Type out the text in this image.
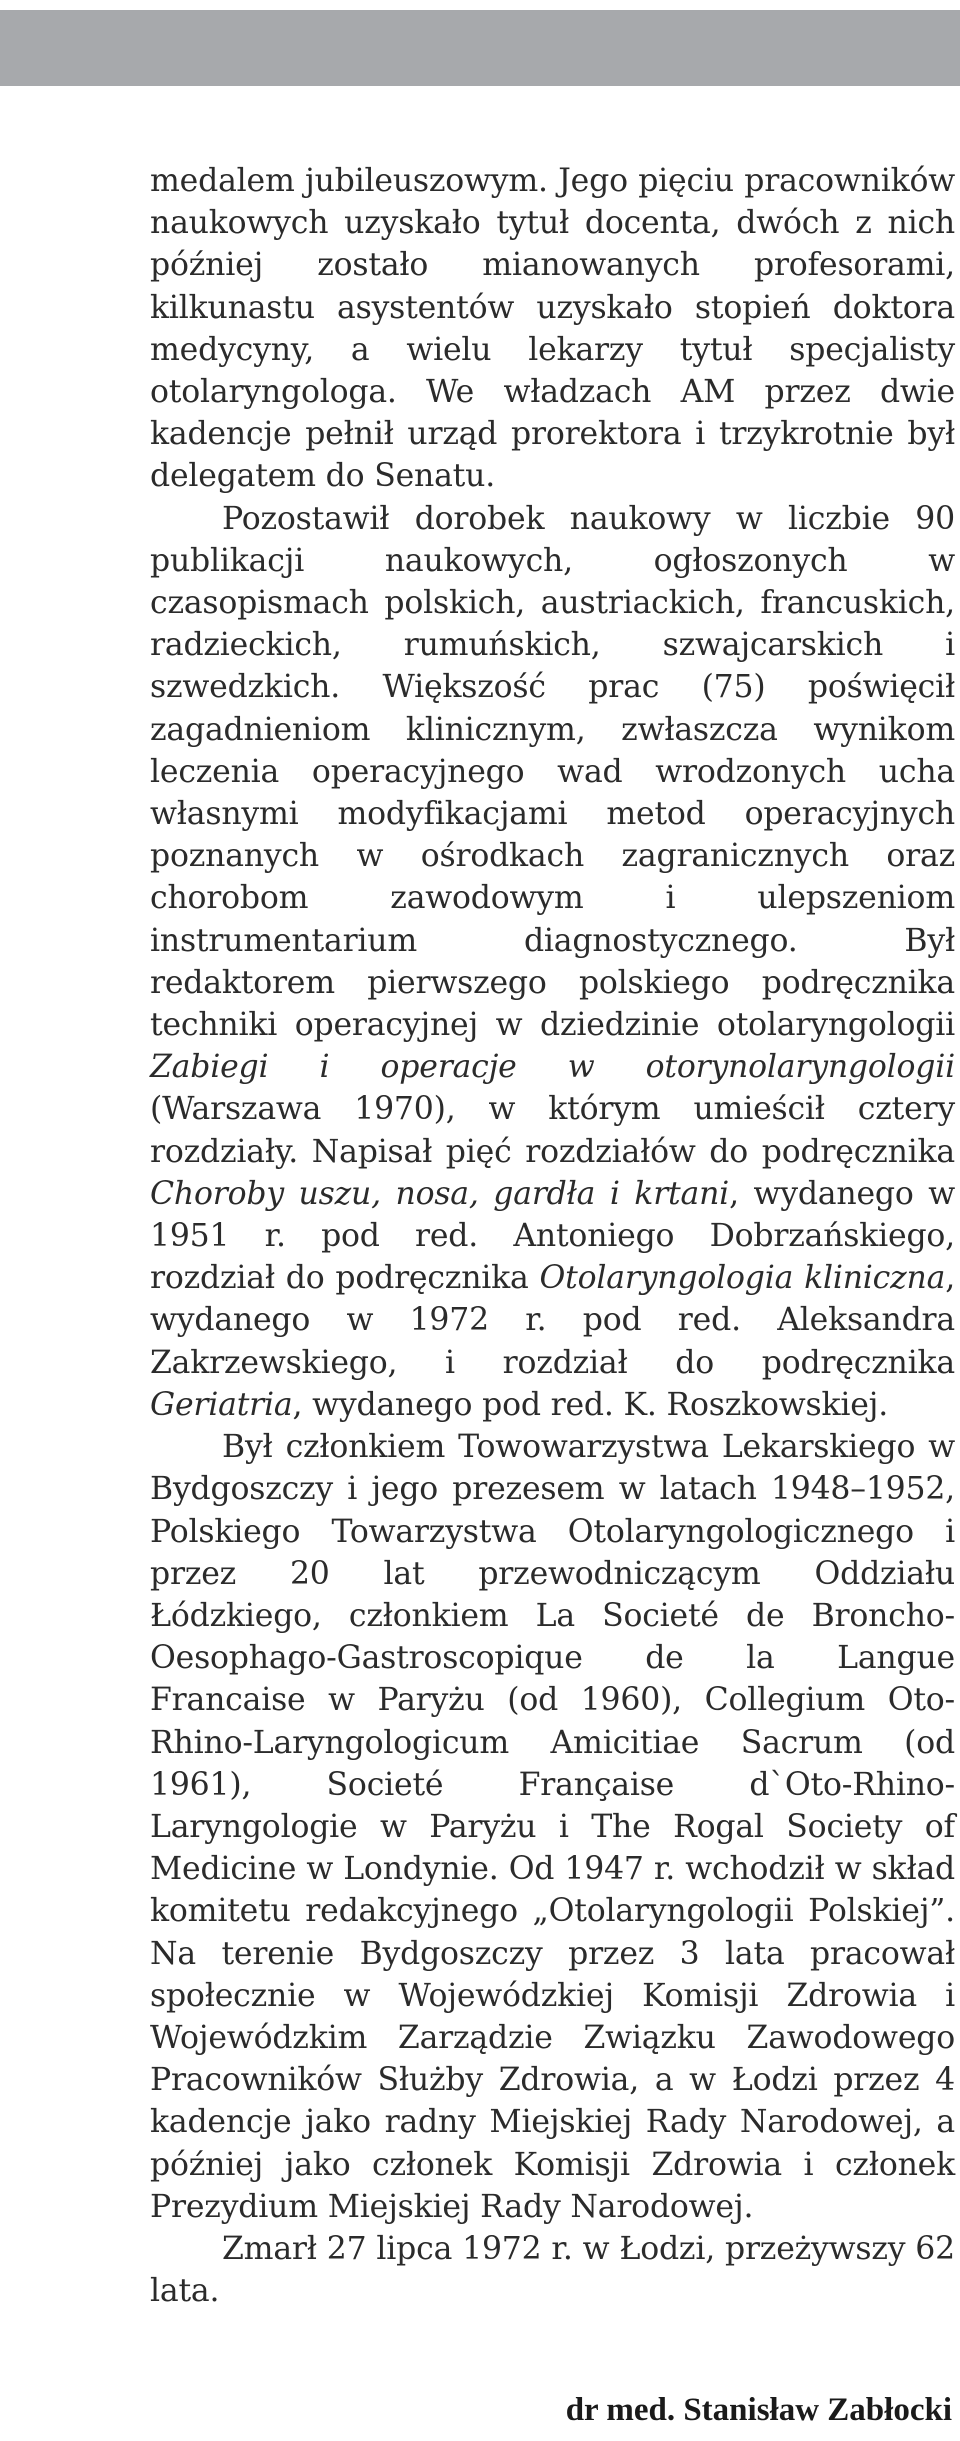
medalem jubileuszowym. Jego pięciu pracowników naukowych uzyskało tytuł docenta, dwóch z nich później zostało mianowanych profesorami, kilkunastu asystentów uzyskało stopień doktora medycyny, a wielu lekarzy tytuł specjalisty otolaryngologa. We władzach AM przez dwie kadencje pełnił urząd prorektora i trzykrotnie był delegatem do Senatu.

Pozostawił dorobek naukowy w liczbie 90 publikacji naukowych, ogłoszonych w czasopismach polskich, austriackich, francuskich, radzieckich, rumuńskich, szwajcarskich i szwedzkich. Większość prac (75) poświęcił zagadnieniom klinicznym, zwłaszcza wynikom leczenia operacyjnego wad wrodzonych ucha własnymi modyfikacjami metod operacyjnych poznanych w ośrodkach zagranicznych oraz chorobom zawodowym i ulepszeniom instrumentarium diagnostycznego. Był redaktorem pierwszego polskiego podręcznika techniki operacyjnej w dziedzinie otolaryngologii Zabiegi i operacje w otorynolaryngologii (Warszawa 1970), w którym umieścił cztery rozdziały. Napisał pięć rozdziałów do podręcznika Choroby uszu, nosa, gardła i krtani, wydanego w 1951 r. pod red. Antoniego Dobrzańskiego, rozdział do podręcznika Otolaryngologia kliniczna, wydanego w 1972 r. pod red. Aleksandra Zakrzewskiego, i rozdział do podręcznika Geriatria, wydanego pod red. K. Roszkowskiej.

Był członkiem Towowarzystwa Lekarskiego w Bydgoszczy i jego prezesem w latach 1948–1952, Polskiego Towarzystwa Otolaryngologicznego i przez 20 lat przewodniczącym Oddziału Łódzkiego, członkiem La Societé de Broncho-Oesophago-Gastroscopique de la Langue Francaise w Paryżu (od 1960), Collegium Oto-Rhino-Laryngologicum Amicitiae Sacrum (od 1961), Societé Française d`Oto-Rhino-Laryngologie w Paryżu i The Rogal Society of Medicine w Londynie. Od 1947 r. wchodził w skład komitetu redakcyjnego „Otolaryngologii Polskiej”. Na terenie Bydgoszczy przez 3 lata pracował społecznie w Wojewódzkiej Komisji Zdrowia i Wojewódzkim Zarządzie Związku Zawodowego Pracowników Służby Zdrowia, a w Łodzi przez 4 kadencje jako radny Miejskiej Rady Narodowej, a później jako członek Komisji Zdrowia i członek Prezydium Miejskiej Rady Narodowej.

Zmarł 27 lipca 1972 r. w Łodzi, przeżywszy 62 lata.

dr med. Stanisław Zabłocki
